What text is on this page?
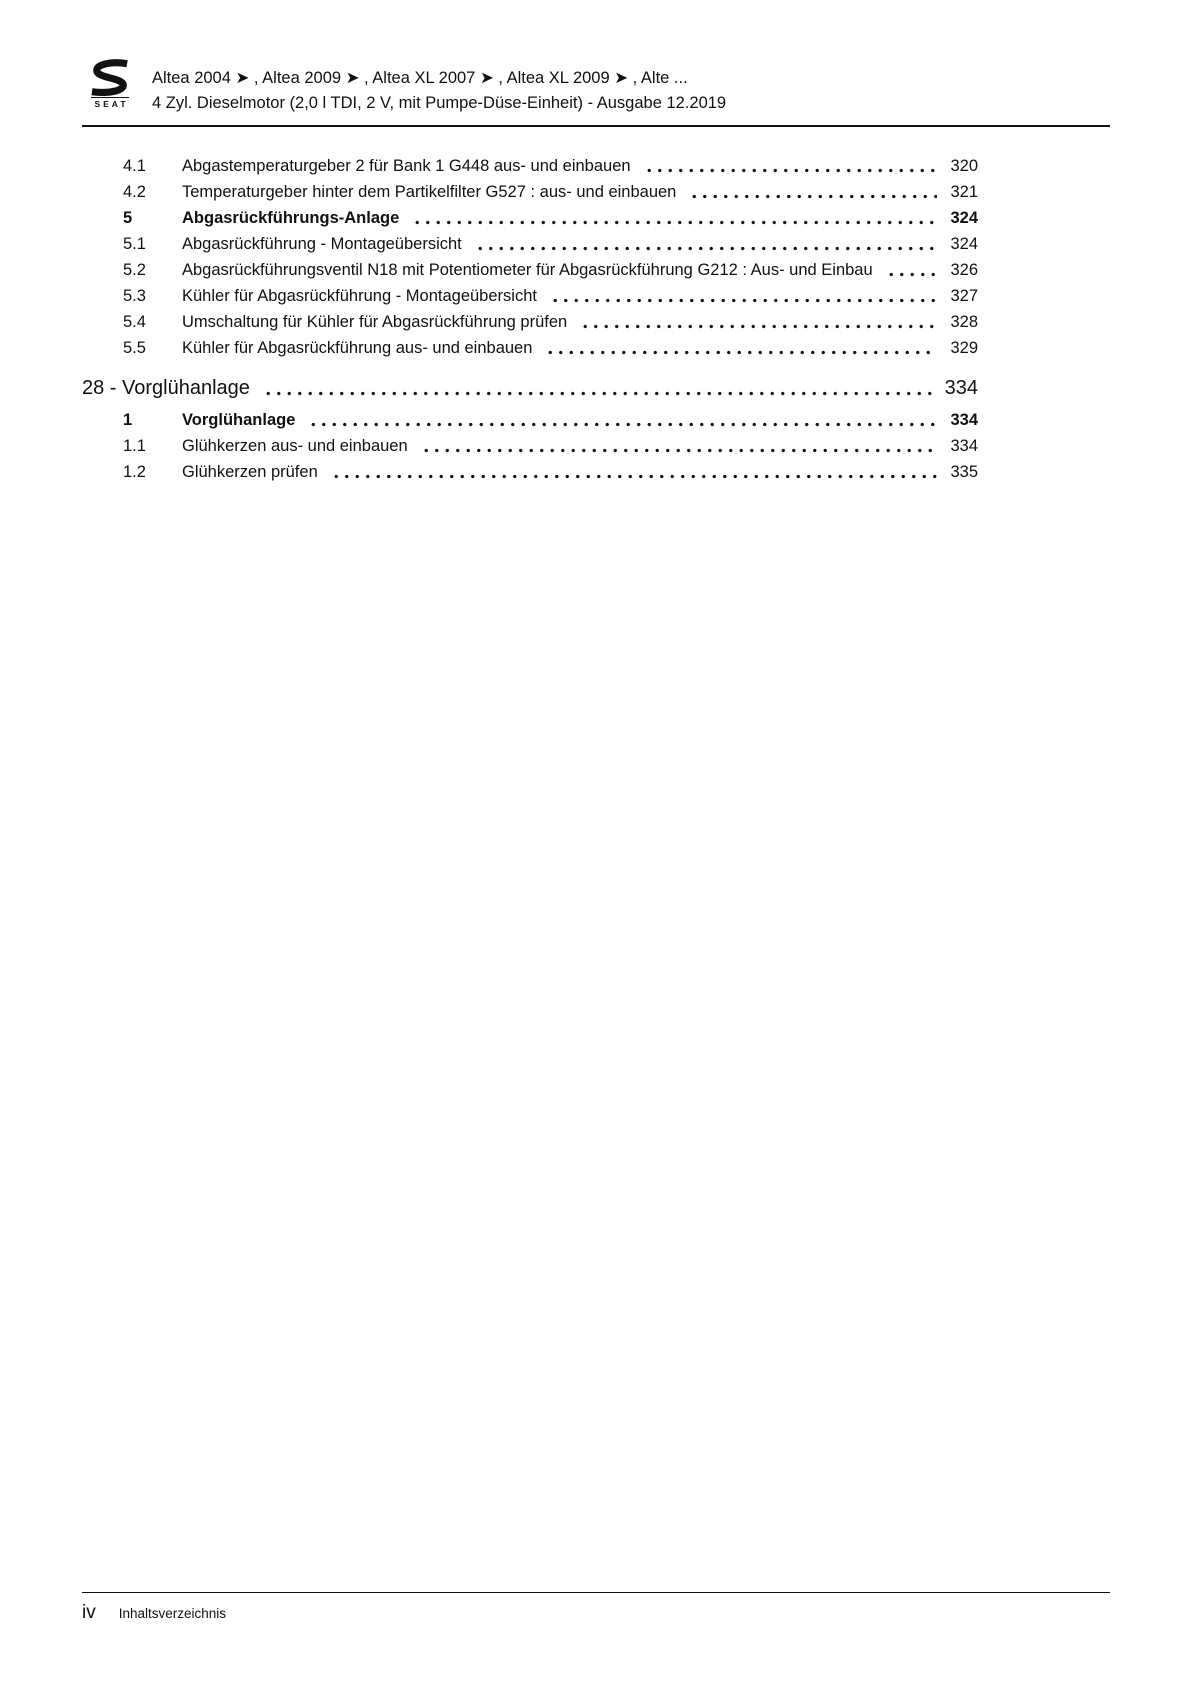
SEAT
Altea 2004 ➤ , Altea 2009 ➤ , Altea XL 2007 ➤ , Altea XL 2009 ➤ , Alte ...
4 Zyl. Dieselmotor (2,0 l TDI, 2 V, mit Pumpe-Düse-Einheit) - Ausgabe 12.2019
4.1	Abgastemperaturgeber 2 für Bank 1 G448 aus- und einbauen	320
4.2	Temperaturgeber hinter dem Partikelfilter G527 : aus- und einbauen	321
5	Abgasrückführungs-Anlage	324
5.1	Abgasrückführung - Montageübersicht	324
5.2	Abgasrückführungsventil N18 mit Potentiometer für Abgasrückführung G212 : Aus- und Einbau	326
5.3	Kühler für Abgasrückführung - Montageübersicht	327
5.4	Umschaltung für Kühler für Abgasrückführung prüfen	328
5.5	Kühler für Abgasrückführung aus- und einbauen	329
28 - Vorglühanlage	334
1	Vorglühanlage	334
1.1	Glühkerzen aus- und einbauen	334
1.2	Glühkerzen prüfen	335
iv Inhaltsverzeichnis
